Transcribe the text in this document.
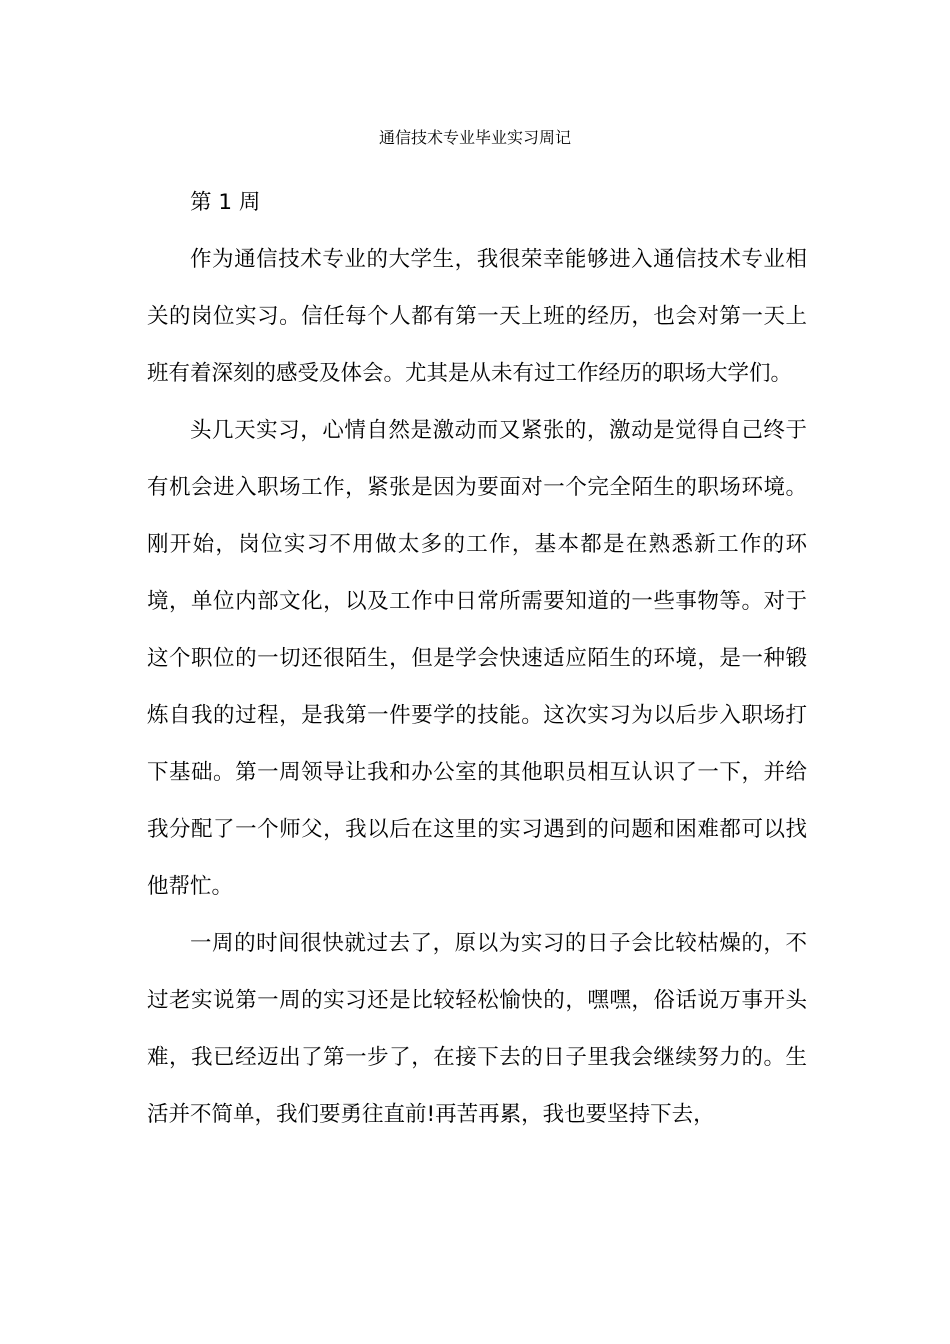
通信技术专业毕业实习周记

第 1 周

作为通信技术专业的大学生，我很荣幸能够进入通信技术专业相关的岗位实习。信任每个人都有第一天上班的经历，也会对第一天上班有着深刻的感受及体会。尤其是从未有过工作经历的职场大学们。

头几天实习，心情自然是激动而又紧张的，激动是觉得自己终于有机会进入职场工作，紧张是因为要面对一个完全陌生的职场环境。刚开始，岗位实习不用做太多的工作，基本都是在熟悉新工作的环境，单位内部文化，以及工作中日常所需要知道的一些事物等。对于这个职位的一切还很陌生，但是学会快速适应陌生的环境，是一种锻炼自我的过程，是我第一件要学的技能。这次实习为以后步入职场打下基础。第一周领导让我和办公室的其他职员相互认识了一下，并给我分配了一个师父，我以后在这里的实习遇到的问题和困难都可以找他帮忙。

一周的时间很快就过去了，原以为实习的日子会比较枯燥的，不过老实说第一周的实习还是比较轻松愉快的，嘿嘿，俗话说万事开头难，我已经迈出了第一步了，在接下去的日子里我会继续努力的。生活并不简单，我们要勇往直前!再苦再累，我也要坚持下去，
